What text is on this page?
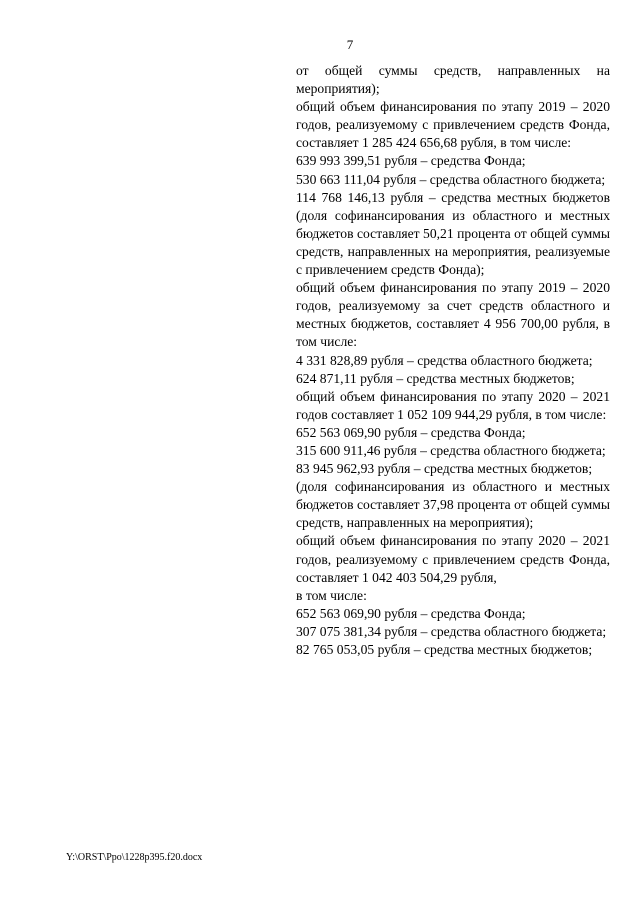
7

от общей суммы средств, направленных на мероприятия);

общий объем финансирования по этапу 2019 – 2020 годов, реализуемому с привлечением средств Фонда, составляет 1 285 424 656,68 рубля, в том числе:

639 993 399,51 рубля – средства Фонда;

530 663 111,04 рубля – средства областного бюджета;

114 768 146,13 рубля – средства местных бюджетов (доля софинансирования из областного и местных бюджетов составляет 50,21 процента от общей суммы средств, направленных на мероприятия, реализуемые с привлечением средств Фонда);

общий объем финансирования по этапу 2019 – 2020 годов, реализуемому за счет средств областного и местных бюджетов, составляет 4 956 700,00 рубля, в том числе:

4 331 828,89 рубля – средства областного бюджета;

624 871,11 рубля – средства местных бюджетов;

общий объем финансирования по этапу 2020 – 2021 годов составляет 1 052 109 944,29 рубля, в том числе:

652 563 069,90 рубля – средства Фонда;

315 600 911,46 рубля – средства областного бюджета;

83 945 962,93 рубля – средства местных бюджетов;

(доля софинансирования из областного и местных бюджетов составляет 37,98 процента от общей суммы средств, направленных на мероприятия);

общий объем финансирования по этапу 2020 – 2021 годов, реализуемому с привлечением средств Фонда, составляет 1 042 403 504,29 рубля,

в том числе:

652 563 069,90 рубля – средства Фонда;

307 075 381,34 рубля – средства областного бюджета;

82 765 053,05 рубля – средства местных бюджетов;

Y:\ORST\Ppo\1228p395.f20.docx
